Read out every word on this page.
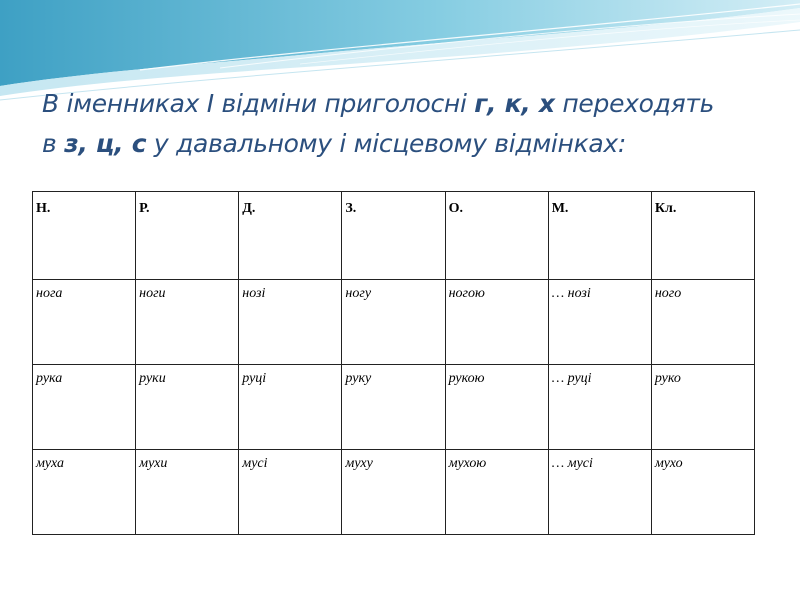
В іменниках I відміни приголосні г, к, х переходять
в з, ц, с у давальному і місцевому відмінках:
Н.	Р.	Д.	З.	О.	М.	Кл.
нога	ноги	нозі	ногу	ногою	… нозі	ного
рука	руки	руці	руку	рукою	… руці	руко
муха	мухи	мусі	муху	мухою	… мусі	мухо
